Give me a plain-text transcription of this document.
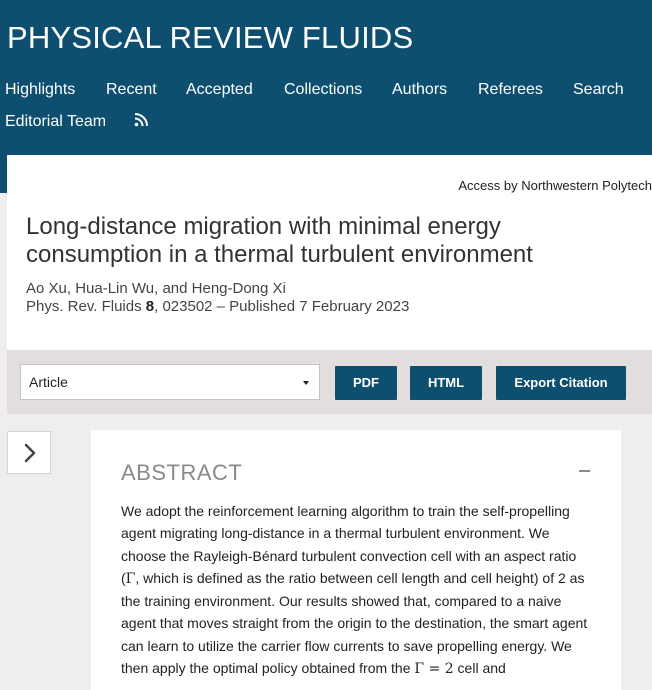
PHYSICAL REVIEW FLUIDS
Highlights Recent Accepted Collections Authors Referees Search
Editorial Team
Access by Northwestern Polytech
Long-distance migration with minimal energy consumption in a thermal turbulent environment
Ao Xu, Hua-Lin Wu, and Heng-Dong Xi
Phys. Rev. Fluids 8, 023502 – Published 7 February 2023
Article	PDF	HTML	Export Citation
ABSTRACT

We adopt the reinforcement learning algorithm to train the self-propelling agent migrating long-distance in a thermal turbulent environment. We choose the Rayleigh-Bénard turbulent convection cell with an aspect ratio (Γ, which is defined as the ratio between cell length and cell height) of 2 as the training environment. Our results showed that, compared to a naive agent that moves straight from the origin to the destination, the smart agent can learn to utilize the carrier flow currents to save propelling energy. We then apply the optimal policy obtained from the Γ = 2 cell and
